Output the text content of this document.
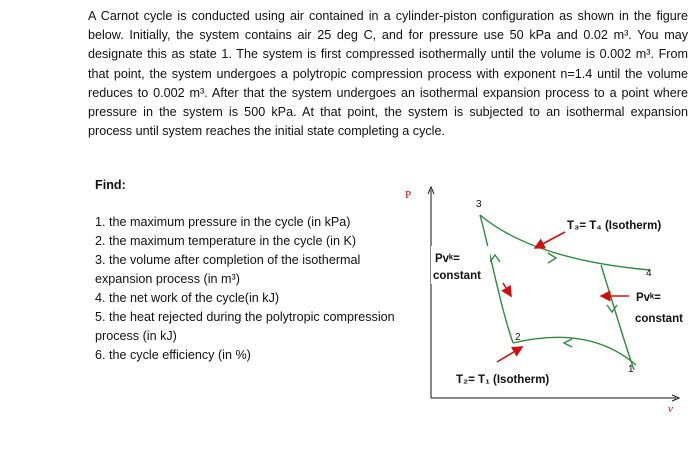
A Carnot cycle is conducted using air contained in a cylinder-piston configuration as shown in the figure below. Initially, the system contains air 25 deg C, and for pressure use 50 kPa and 0.02 m³. You may designate this as state 1. The system is first compressed isothermally until the volume is 0.002 m³. From that point, the system undergoes a polytropic compression process with exponent n=1.4 until the volume reduces to 0.002 m³. After that the system undergoes an isothermal expansion process to a point where pressure in the system is 500 kPa. At that point, the system is subjected to an isothermal expansion process until system reaches the initial state completing a cycle.

Find:

1. the maximum pressure in the cycle (in kPa)
2. the maximum temperature in the cycle (in K)
3. the volume after completion of the isothermal expansion process (in m³)
4. the net work of the cycle(in kJ)
5. the heat rejected during the polytropic compression process (in kJ)
6. the cycle efficiency (in %)
P
v
3
4
2
1
T₃= T₄ (Isotherm)
T₂= T₁ (Isotherm)
Pvᵏ=
constant
Pvᵏ=
constant
